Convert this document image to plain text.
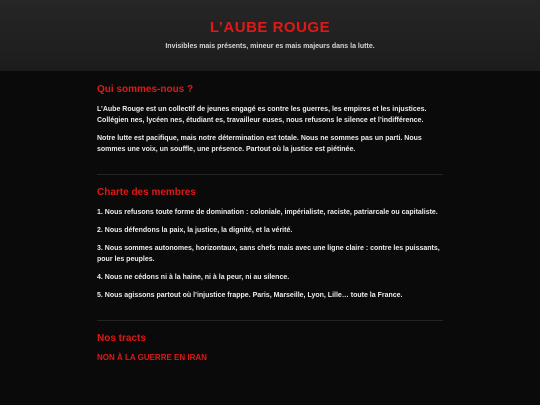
L’AUBE ROUGE

Invisibles mais présents, mineur es mais majeurs dans la lutte.

Qui sommes-nous ?

L’Aube Rouge est un collectif de jeunes engagé es contre les guerres, les empires et les injustices. Collégien nes, lycéen nes, étudiant es, travailleur euses, nous refusons le silence et l’indifférence.

Notre lutte est pacifique, mais notre détermination est totale. Nous ne sommes pas un parti. Nous sommes une voix, un souffle, une présence. Partout où la justice est piétinée.

Charte des membres

1. Nous refusons toute forme de domination : coloniale, impérialiste, raciste, patriarcale ou capitaliste.

2. Nous défendons la paix, la justice, la dignité, et la vérité.

3. Nous sommes autonomes, horizontaux, sans chefs mais avec une ligne claire : contre les puissants, pour les peuples.

4. Nous ne cédons ni à la haine, ni à la peur, ni au silence.

5. Nous agissons partout où l’injustice frappe. Paris, Marseille, Lyon, Lille… toute la France.

Nos tracts
NON À LA GUERRE EN IRAN
